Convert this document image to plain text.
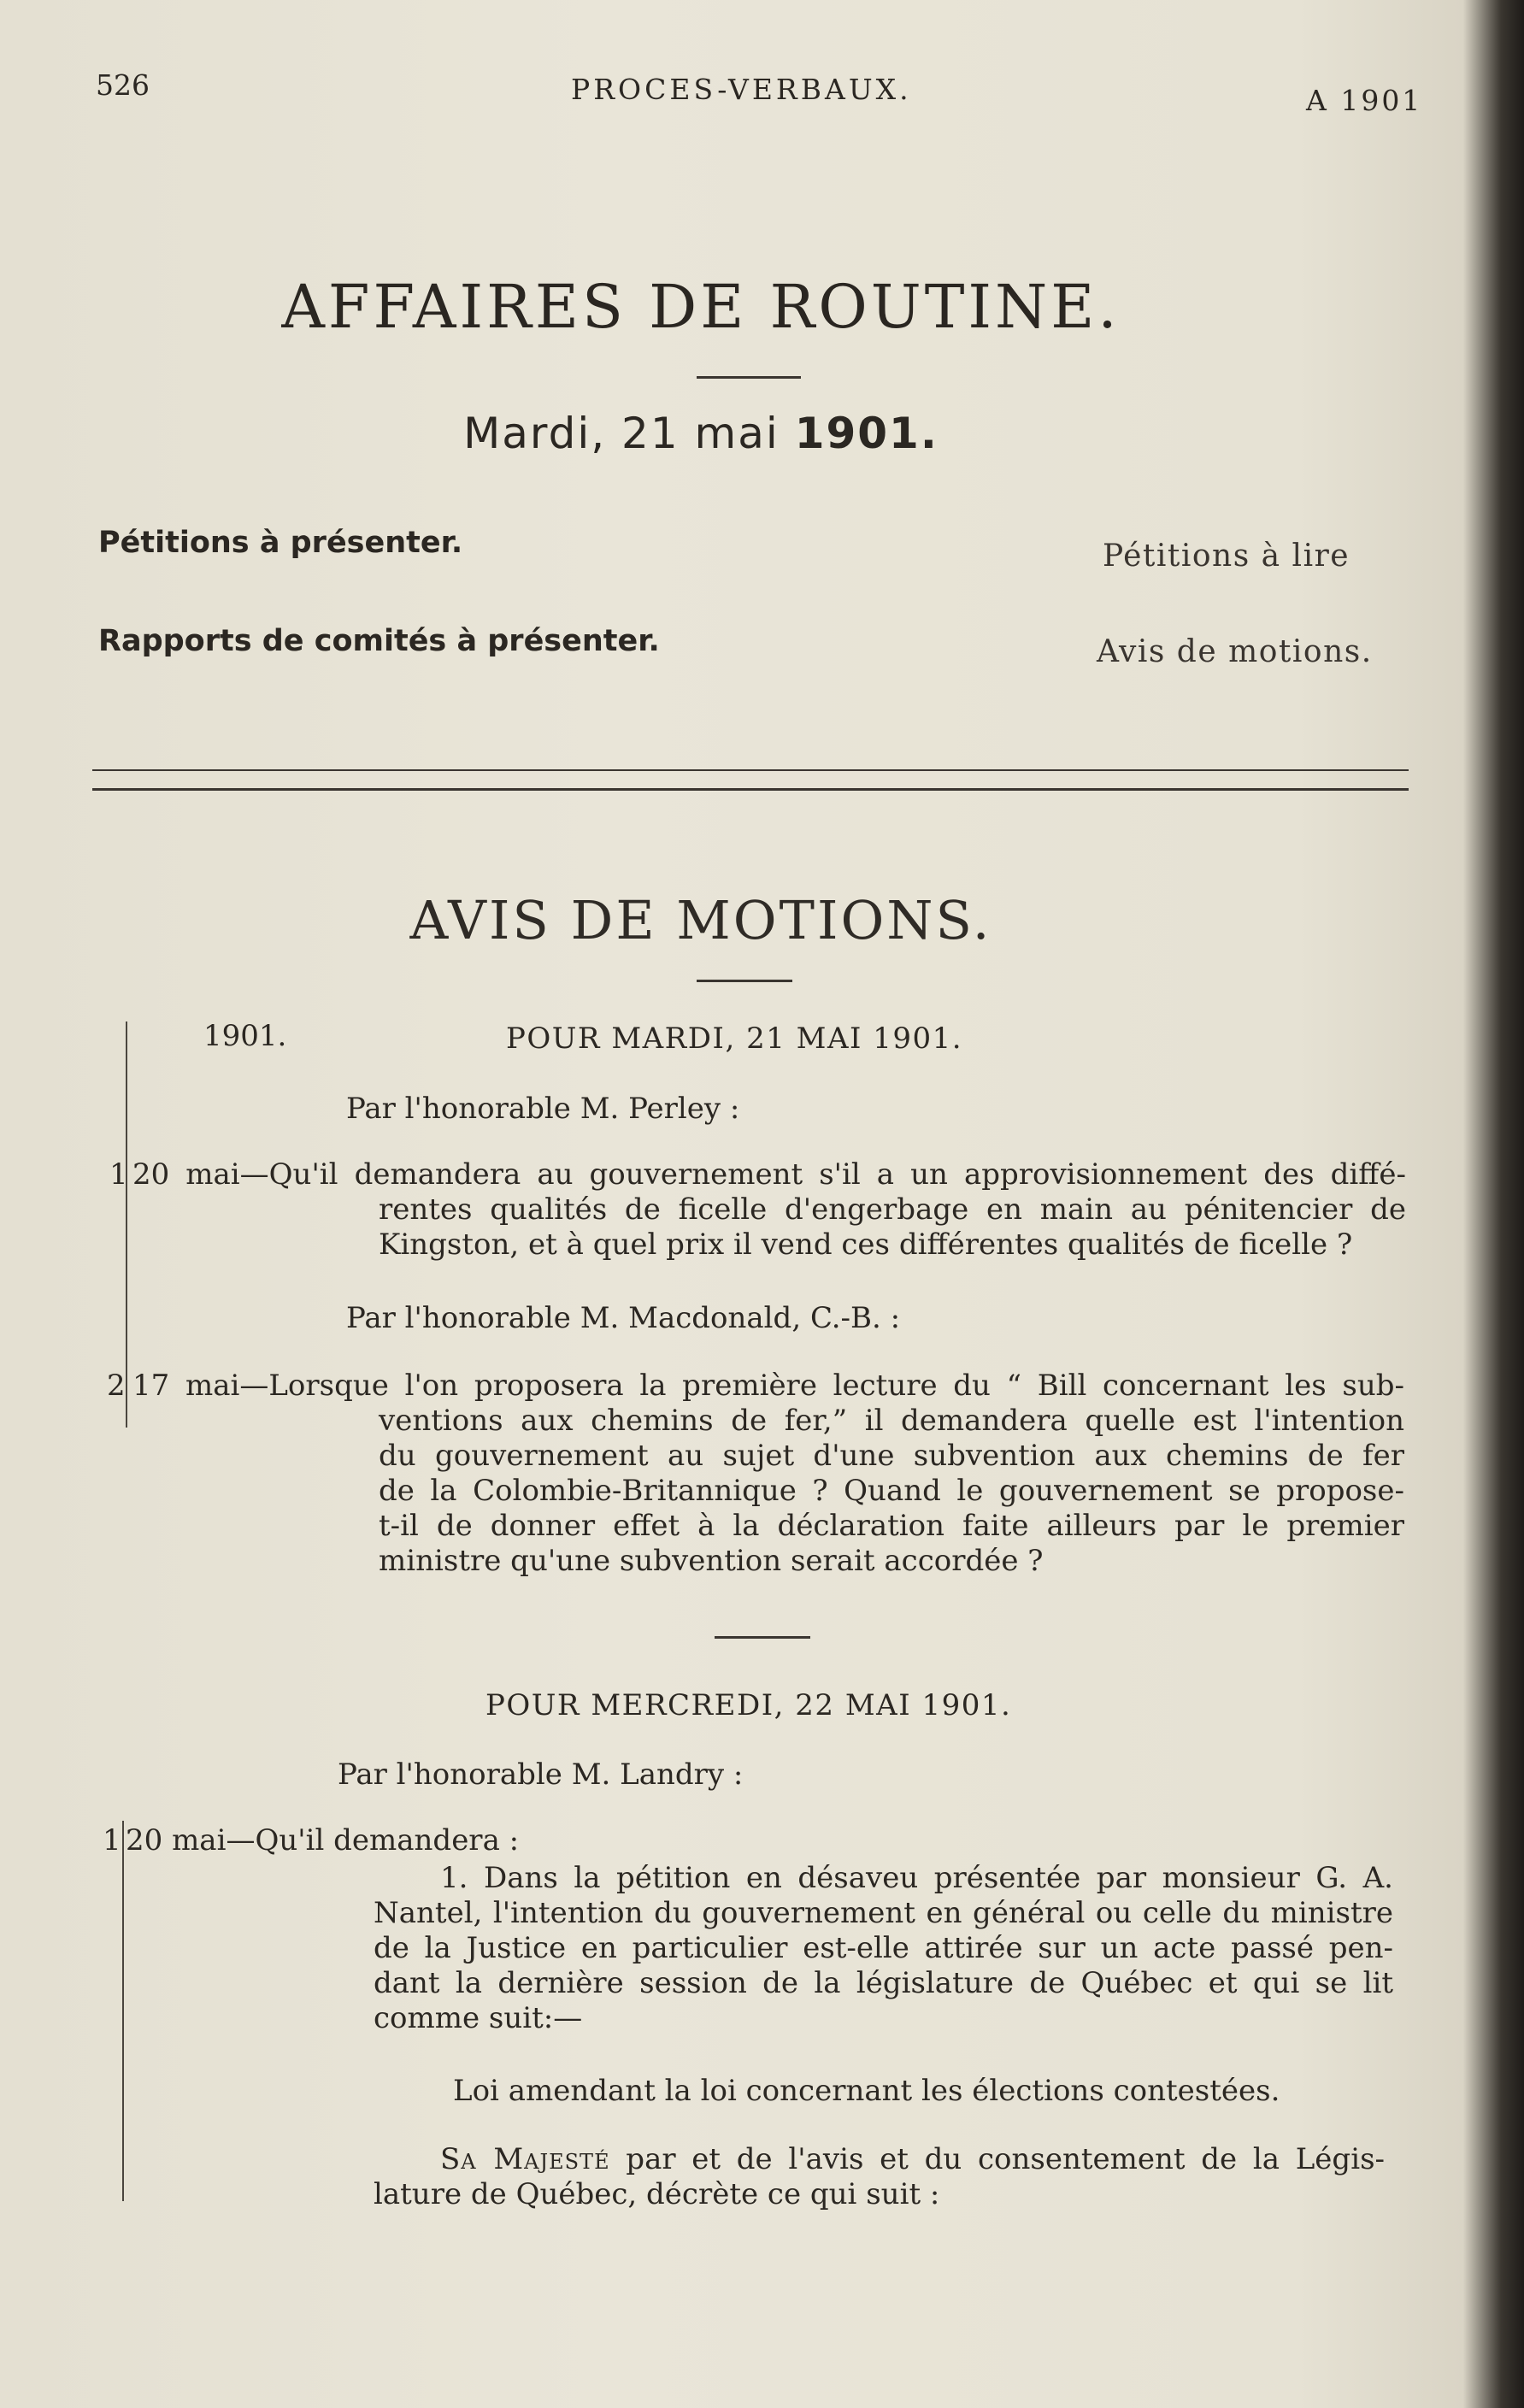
526	PROCES-VERBAUX.	A 1901
AFFAIRES DE ROUTINE.
Mardi, 21 mai 1901.
Pétitions à présenter.	Pétitions à lire
Rapports de comités à présenter.	Avis de motions.
AVIS DE MOTIONS.
1901.	POUR MARDI, 21 MAI 1901.
Par l'honorable M. Perley :
1 20 mai—Qu'il demandera au gouvernement s'il a un approvisionnement des diffé-
rentes qualités de ficelle d'engerbage en main au pénitencier de
Kingston, et à quel prix il vend ces différentes qualités de ficelle ?
Par l'honorable M. Macdonald, C.-B. :
2 17 mai—Lorsque l'on proposera la première lecture du “ Bill concernant les sub-
ventions aux chemins de fer,” il demandera quelle est l'intention
du gouvernement au sujet d'une subvention aux chemins de fer
de la Colombie-Britannique ? Quand le gouvernement se propose-
t-il de donner effet à la déclaration faite ailleurs par le premier
ministre qu'une subvention serait accordée ?
POUR MERCREDI, 22 MAI 1901.
Par l'honorable M. Landry :
1 20 mai—Qu'il demandera :
1. Dans la pétition en désaveu présentée par monsieur G. A.
Nantel, l'intention du gouvernement en général ou celle du ministre
de la Justice en particulier est-elle attirée sur un acte passé pen-
dant la dernière session de la législature de Québec et qui se lit
comme suit:—
Loi amendant la loi concernant les élections contestées.
Sa Majesté par et de l'avis et du consentement de la Légis-
lature de Québec, décrète ce qui suit :
